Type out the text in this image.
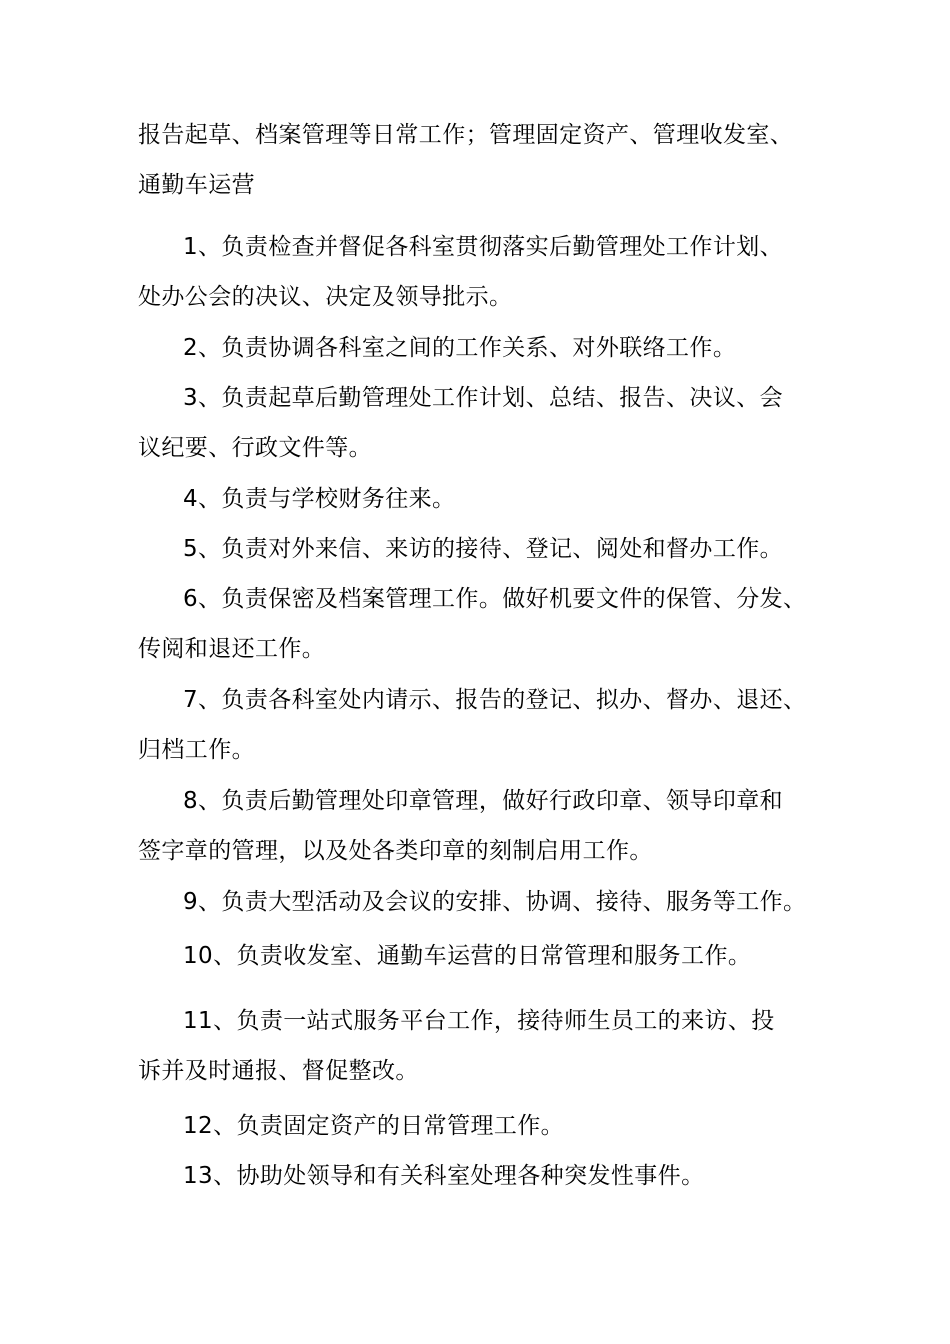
报告起草、档案管理等日常工作；管理固定资产、管理收发室、
通勤车运营
1、负责检查并督促各科室贯彻落实后勤管理处工作计划、
处办公会的决议、决定及领导批示。
2、负责协调各科室之间的工作关系、对外联络工作。
3、负责起草后勤管理处工作计划、总结、报告、决议、会
议纪要、行政文件等。
4、负责与学校财务往来。
5、负责对外来信、来访的接待、登记、阅处和督办工作。
6、负责保密及档案管理工作。做好机要文件的保管、分发、
传阅和退还工作。
7、负责各科室处内请示、报告的登记、拟办、督办、退还、
归档工作。
8、负责后勤管理处印章管理，做好行政印章、领导印章和
签字章的管理，以及处各类印章的刻制启用工作。
9、负责大型活动及会议的安排、协调、接待、服务等工作。
10、负责收发室、通勤车运营的日常管理和服务工作。
11、负责一站式服务平台工作，接待师生员工的来访、投
诉并及时通报、督促整改。
12、负责固定资产的日常管理工作。
13、协助处领导和有关科室处理各种突发性事件。
